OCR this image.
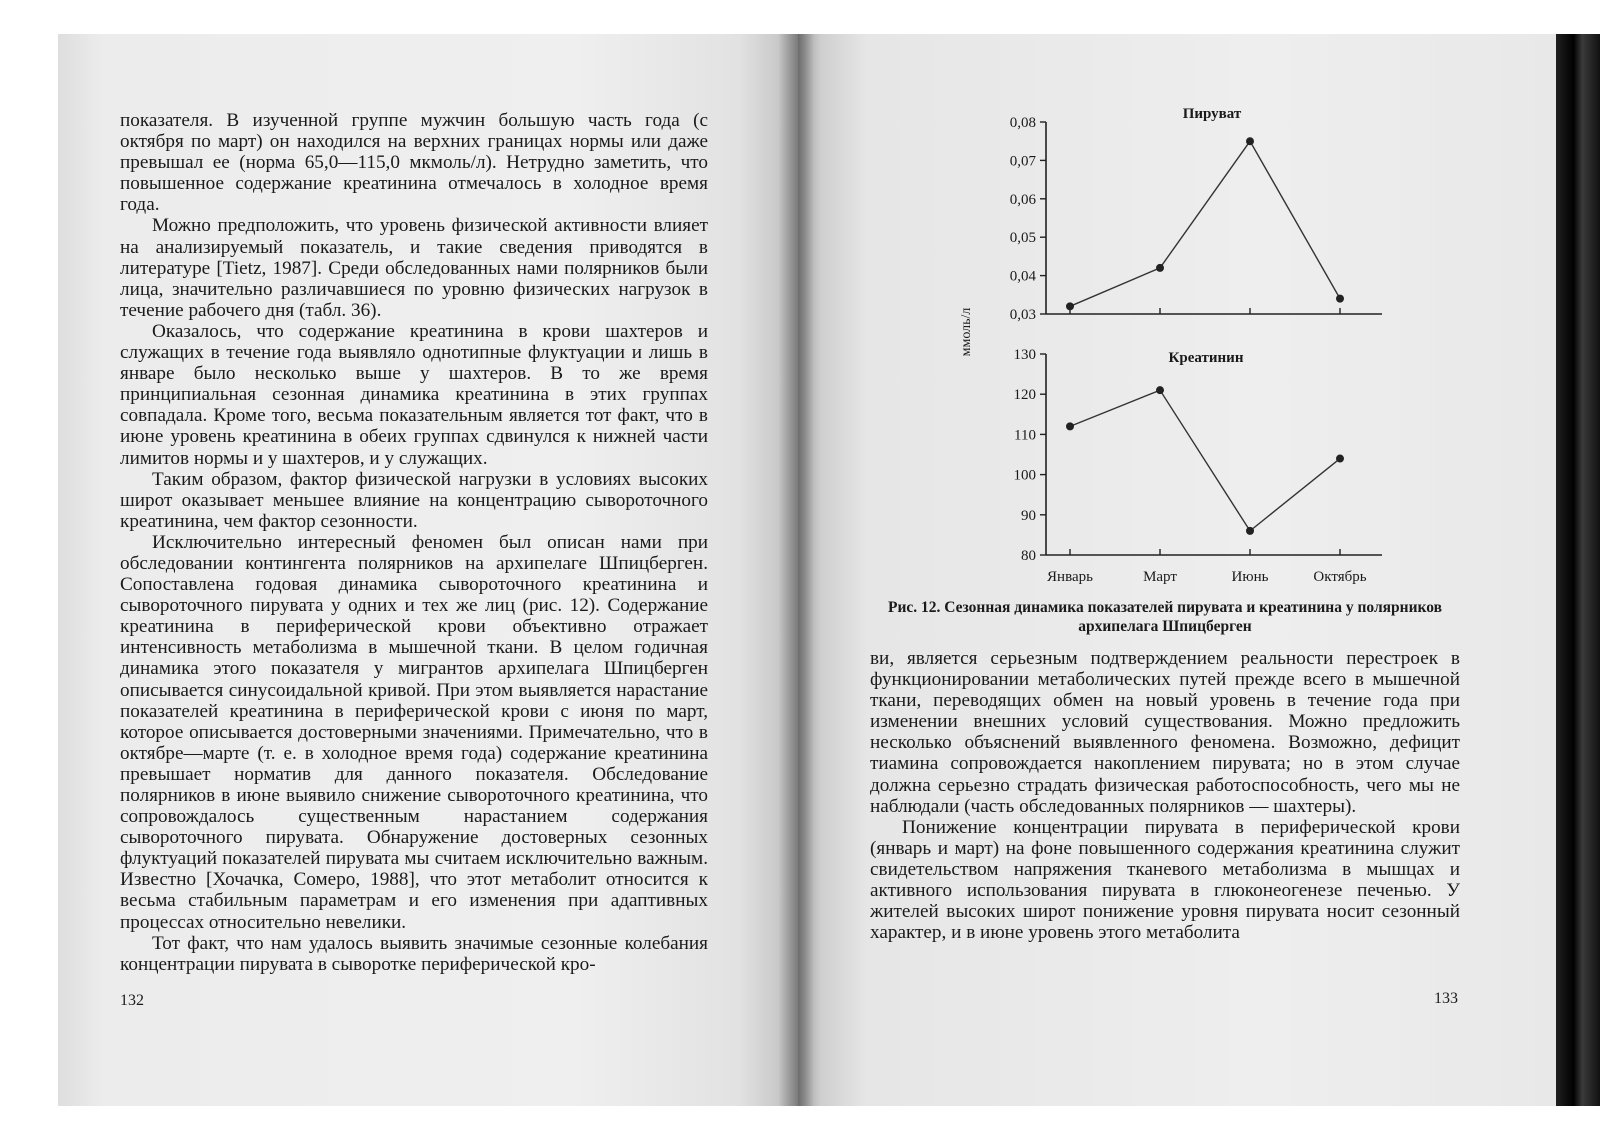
показателя. В изученной группе мужчин большую часть года (с октября по март) он находился на верхних границах нормы или даже превышал ее (норма 65,0—115,0 мкмоль/л). Нетрудно заметить, что повышенное содержание креатинина отмечалось в холодное время года.

Можно предположить, что уровень физической активности влияет на анализируемый показатель, и такие сведения приводятся в литературе [Tietz, 1987]. Среди обследованных нами полярников были лица, значительно различавшиеся по уровню физических нагрузок в течение рабочего дня (табл. 36).

Оказалось, что содержание креатинина в крови шахтеров и служащих в течение года выявляло однотипные флуктуации и лишь в январе было несколько выше у шахтеров. В то же время принципиальная сезонная динамика креатинина в этих группах совпадала. Кроме того, весьма показательным является тот факт, что в июне уровень креатинина в обеих группах сдвинулся к нижней части лимитов нормы и у шахтеров, и у служащих.

Таким образом, фактор физической нагрузки в условиях высоких широт оказывает меньшее влияние на концентрацию сывороточного креатинина, чем фактор сезонности.

Исключительно интересный феномен был описан нами при обследовании контингента полярников на архипелаге Шпицберген. Сопоставлена годовая динамика сывороточного креатинина и сывороточного пирувата у одних и тех же лиц (рис. 12). Содержание креатинина в периферической крови объективно отражает интенсивность метаболизма в мышечной ткани. В целом годичная динамика этого показателя у мигрантов архипелага Шпицберген описывается синусоидальной кривой. При этом выявляется нарастание показателей креатинина в периферической крови с июня по март, которое описывается достоверными значениями. Примечательно, что в октябре—марте (т. е. в холодное время года) содержание креатинина превышает норматив для данного показателя. Обследование полярников в июне выявило снижение сывороточного креатинина, что сопровождалось существенным нарастанием содержания сывороточного пирувата. Обнаружение достоверных сезонных флуктуаций показателей пирувата мы считаем исключительно важным. Известно [Хочачка, Сомеро, 1988], что этот метаболит относится к весьма стабильным параметрам и его изменения при адаптивных процессах относительно невелики.

Тот факт, что нам удалось выявить значимые сезонные колебания концентрации пирувата в сыворотке периферической кро-

132
0,03
0,04
0,05
0,06
0,07
0,08
Пируват
80
90
100
110
120
130	Креатинин
Январь	Март	Июнь	Октябрь
ммоль/л
Рис. 12. Сезонная динамика показателей пирувата и креатинина у полярников архипелага Шпицберген

ви, является серьезным подтверждением реальности перестроек в функционировании метаболических путей прежде всего в мышечной ткани, переводящих обмен на новый уровень в течение года при изменении внешних условий существования. Можно предложить несколько объяснений выявленного феномена. Возможно, дефицит тиамина сопровождается накоплением пирувата; но в этом случае должна серьезно страдать физическая работоспособность, чего мы не наблюдали (часть обследованных полярников — шахтеры).

Понижение концентрации пирувата в периферической крови (январь и март) на фоне повышенного содержания креатинина служит свидетельством напряжения тканевого метаболизма в мышцах и активного использования пирувата в глюконеогенезе печенью. У жителей высоких широт понижение уровня пирувата носит сезонный характер, и в июне уровень этого метаболита

133
